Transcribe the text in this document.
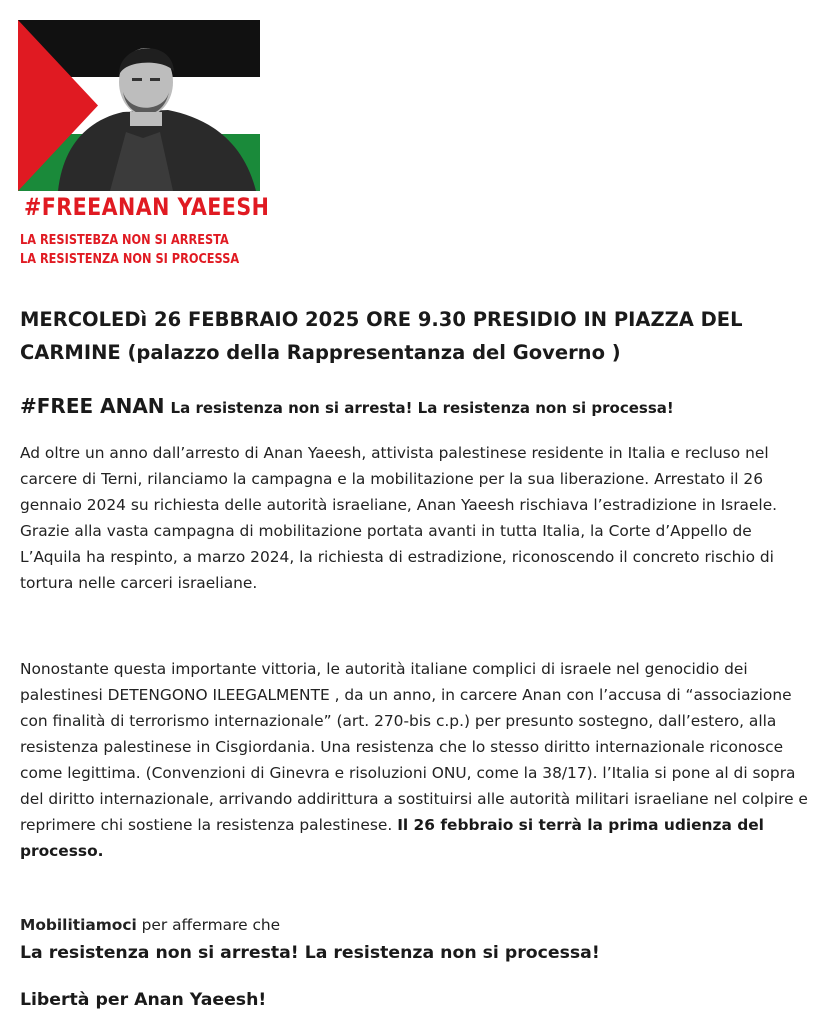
#FREEANAN YAEESH
LA RESISTEBZA NON SI ARRESTA
LA RESISTENZA NON SI PROCESSA
MERCOLEDì 26 FEBBRAIO 2025 ORE 9.30 PRESIDIO IN PIAZZA DEL CARMINE (palazzo della Rappresentanza del Governo )
#FREE ANAN La resistenza non si arresta! La resistenza non si processa!
Ad oltre un anno dall’arresto di Anan Yaeesh, attivista palestinese residente in Italia e recluso nel carcere di Terni, rilanciamo la campagna e la mobilitazione per la sua liberazione. Arrestato il 26 gennaio 2024 su richiesta delle autorità israeliane, Anan Yaeesh rischiava l’estradizione in Israele. Grazie alla vasta campagna di mobilitazione portata avanti in tutta Italia, la Corte d’Appello de L’Aquila ha respinto, a marzo 2024, la richiesta di estradizione, riconoscendo il concreto rischio di tortura nelle carceri israeliane.
Nonostante questa importante vittoria, le autorità italiane complici di israele nel genocidio dei palestinesi DETENGONO ILEEGALMENTE , da un anno, in carcere Anan con l’accusa di “associazione con finalità di terrorismo internazionale” (art. 270-bis c.p.) per presunto sostegno, dall’estero, alla resistenza palestinese in Cisgiordania. Una resistenza che lo stesso diritto internazionale riconosce come legittima. (Convenzioni di Ginevra e risoluzioni ONU, come la 38/17). l’Italia si pone al di sopra del diritto internazionale, arrivando addirittura a sostituirsi alle autorità militari israeliane nel colpire e reprimere chi sostiene la resistenza palestinese. Il 26 febbraio si terrà la prima udienza del processo.
Mobilitiamoci per affermare che
La resistenza non si arresta! La resistenza non si processa!
Libertà per Anan Yaeesh!
